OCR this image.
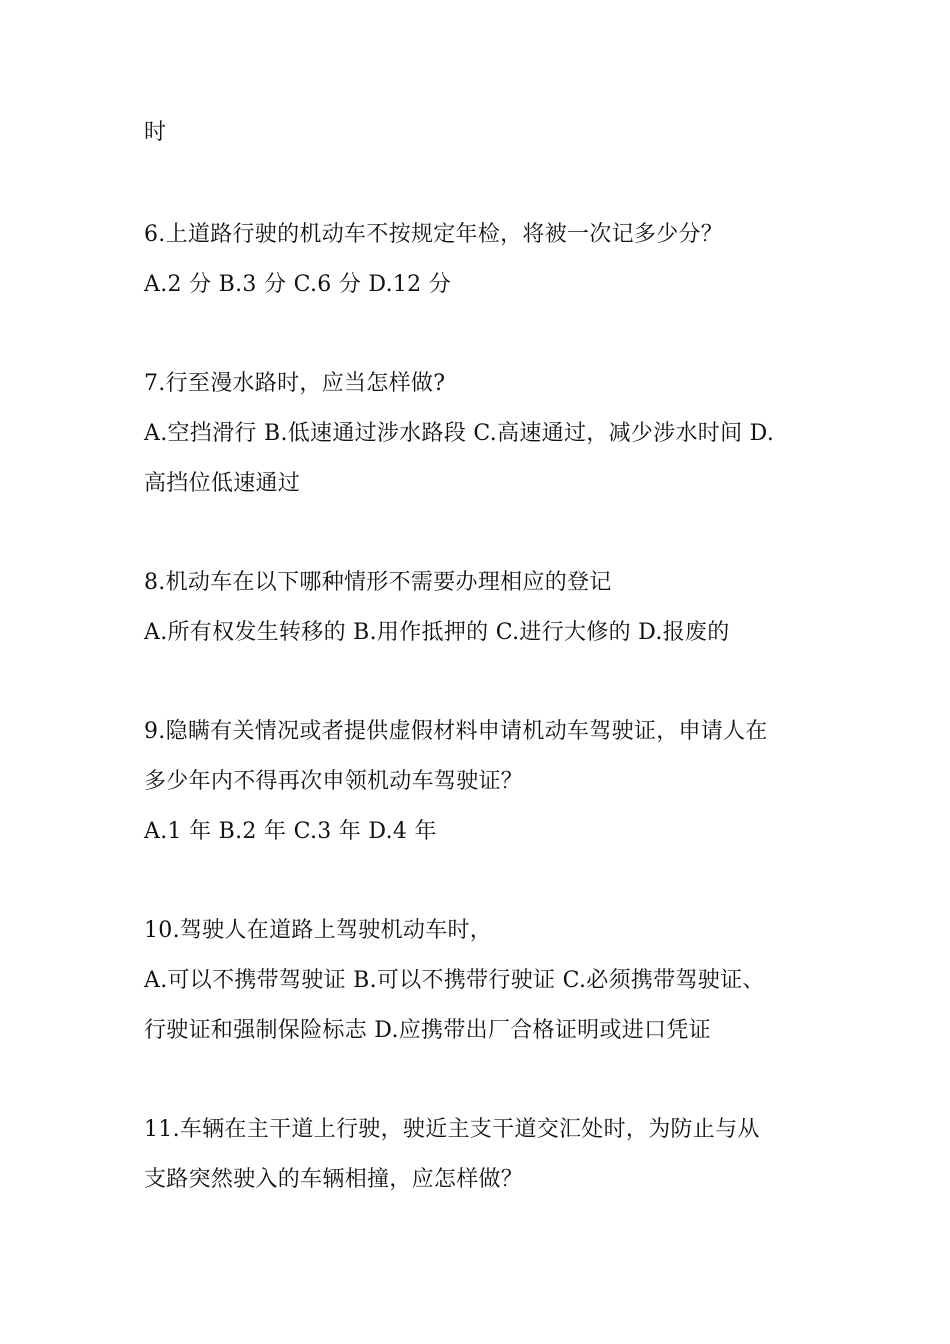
时

6.上道路行驶的机动车不按规定年检，将被一次记多少分？

A.2 分 B.3 分 C.6 分 D.12 分

7.行至漫水路时，应当怎样做?

A.空挡滑行 B.低速通过涉水路段 C.高速通过，减少涉水时间 D.

高挡位低速通过

8.机动车在以下哪种情形不需要办理相应的登记

A.所有权发生转移的 B.用作抵押的 C.进行大修的 D.报废的

9.隐瞒有关情况或者提供虚假材料申请机动车驾驶证，申请人在

多少年内不得再次申领机动车驾驶证？

A.1 年 B.2 年 C.3 年 D.4 年

10.驾驶人在道路上驾驶机动车时，

A.可以不携带驾驶证 B.可以不携带行驶证 C.必须携带驾驶证、

行驶证和强制保险标志 D.应携带出厂合格证明或进口凭证

11.车辆在主干道上行驶，驶近主支干道交汇处时，为防止与从

支路突然驶入的车辆相撞，应怎样做？
